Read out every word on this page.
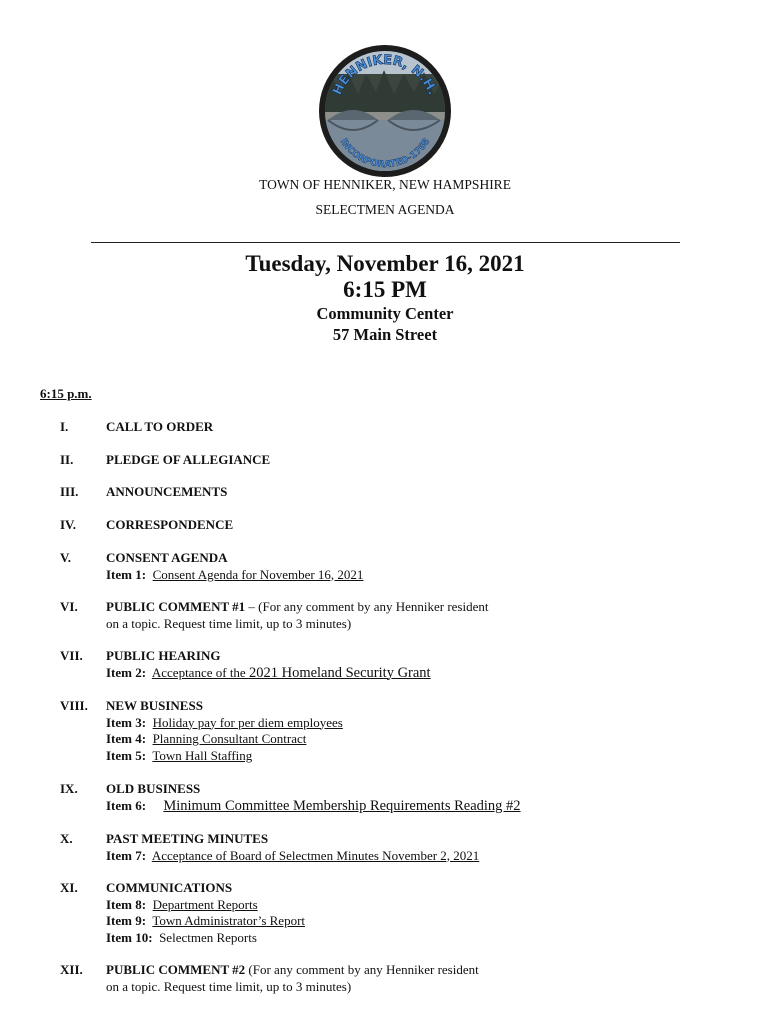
HENNIKER, N.H.
INCORPORATED-1768
TOWN OF HENNIKER, NEW HAMPSHIRE
SELECTMEN AGENDA
Tuesday, November 16, 2021
6:15 PM
Community Center
57 Main Street
6:15 p.m.
I.	CALL TO ORDER
II.	PLEDGE OF ALLEGIANCE
III. ANNOUNCEMENTS
IV. CORRESPONDENCE
V.	CONSENT AGENDA
Item 1: Consent Agenda for November 16, 2021
VI. PUBLIC COMMENT #1 – (For any comment by any Henniker resident
on a topic. Request time limit, up to 3 minutes)
VII. PUBLIC HEARING
Item 2: Acceptance of the 2021 Homeland Security Grant
VIII. NEW BUSINESS
Item 3: Holiday pay for per diem employees
Item 4: Planning Consultant Contract
Item 5: Town Hall Staffing
IX. OLD BUSINESS
Item 6: Minimum Committee Membership Requirements Reading #2
X.	PAST MEETING MINUTES
Item 7: Acceptance of Board of Selectmen Minutes November 2, 2021
XI. COMMUNICATIONS
Item 8: Department Reports
Item 9: Town Administrator’s Report
Item 10: Selectmen Reports
XII. PUBLIC COMMENT #2 (For any comment by any Henniker resident
on a topic. Request time limit, up to 3 minutes)
